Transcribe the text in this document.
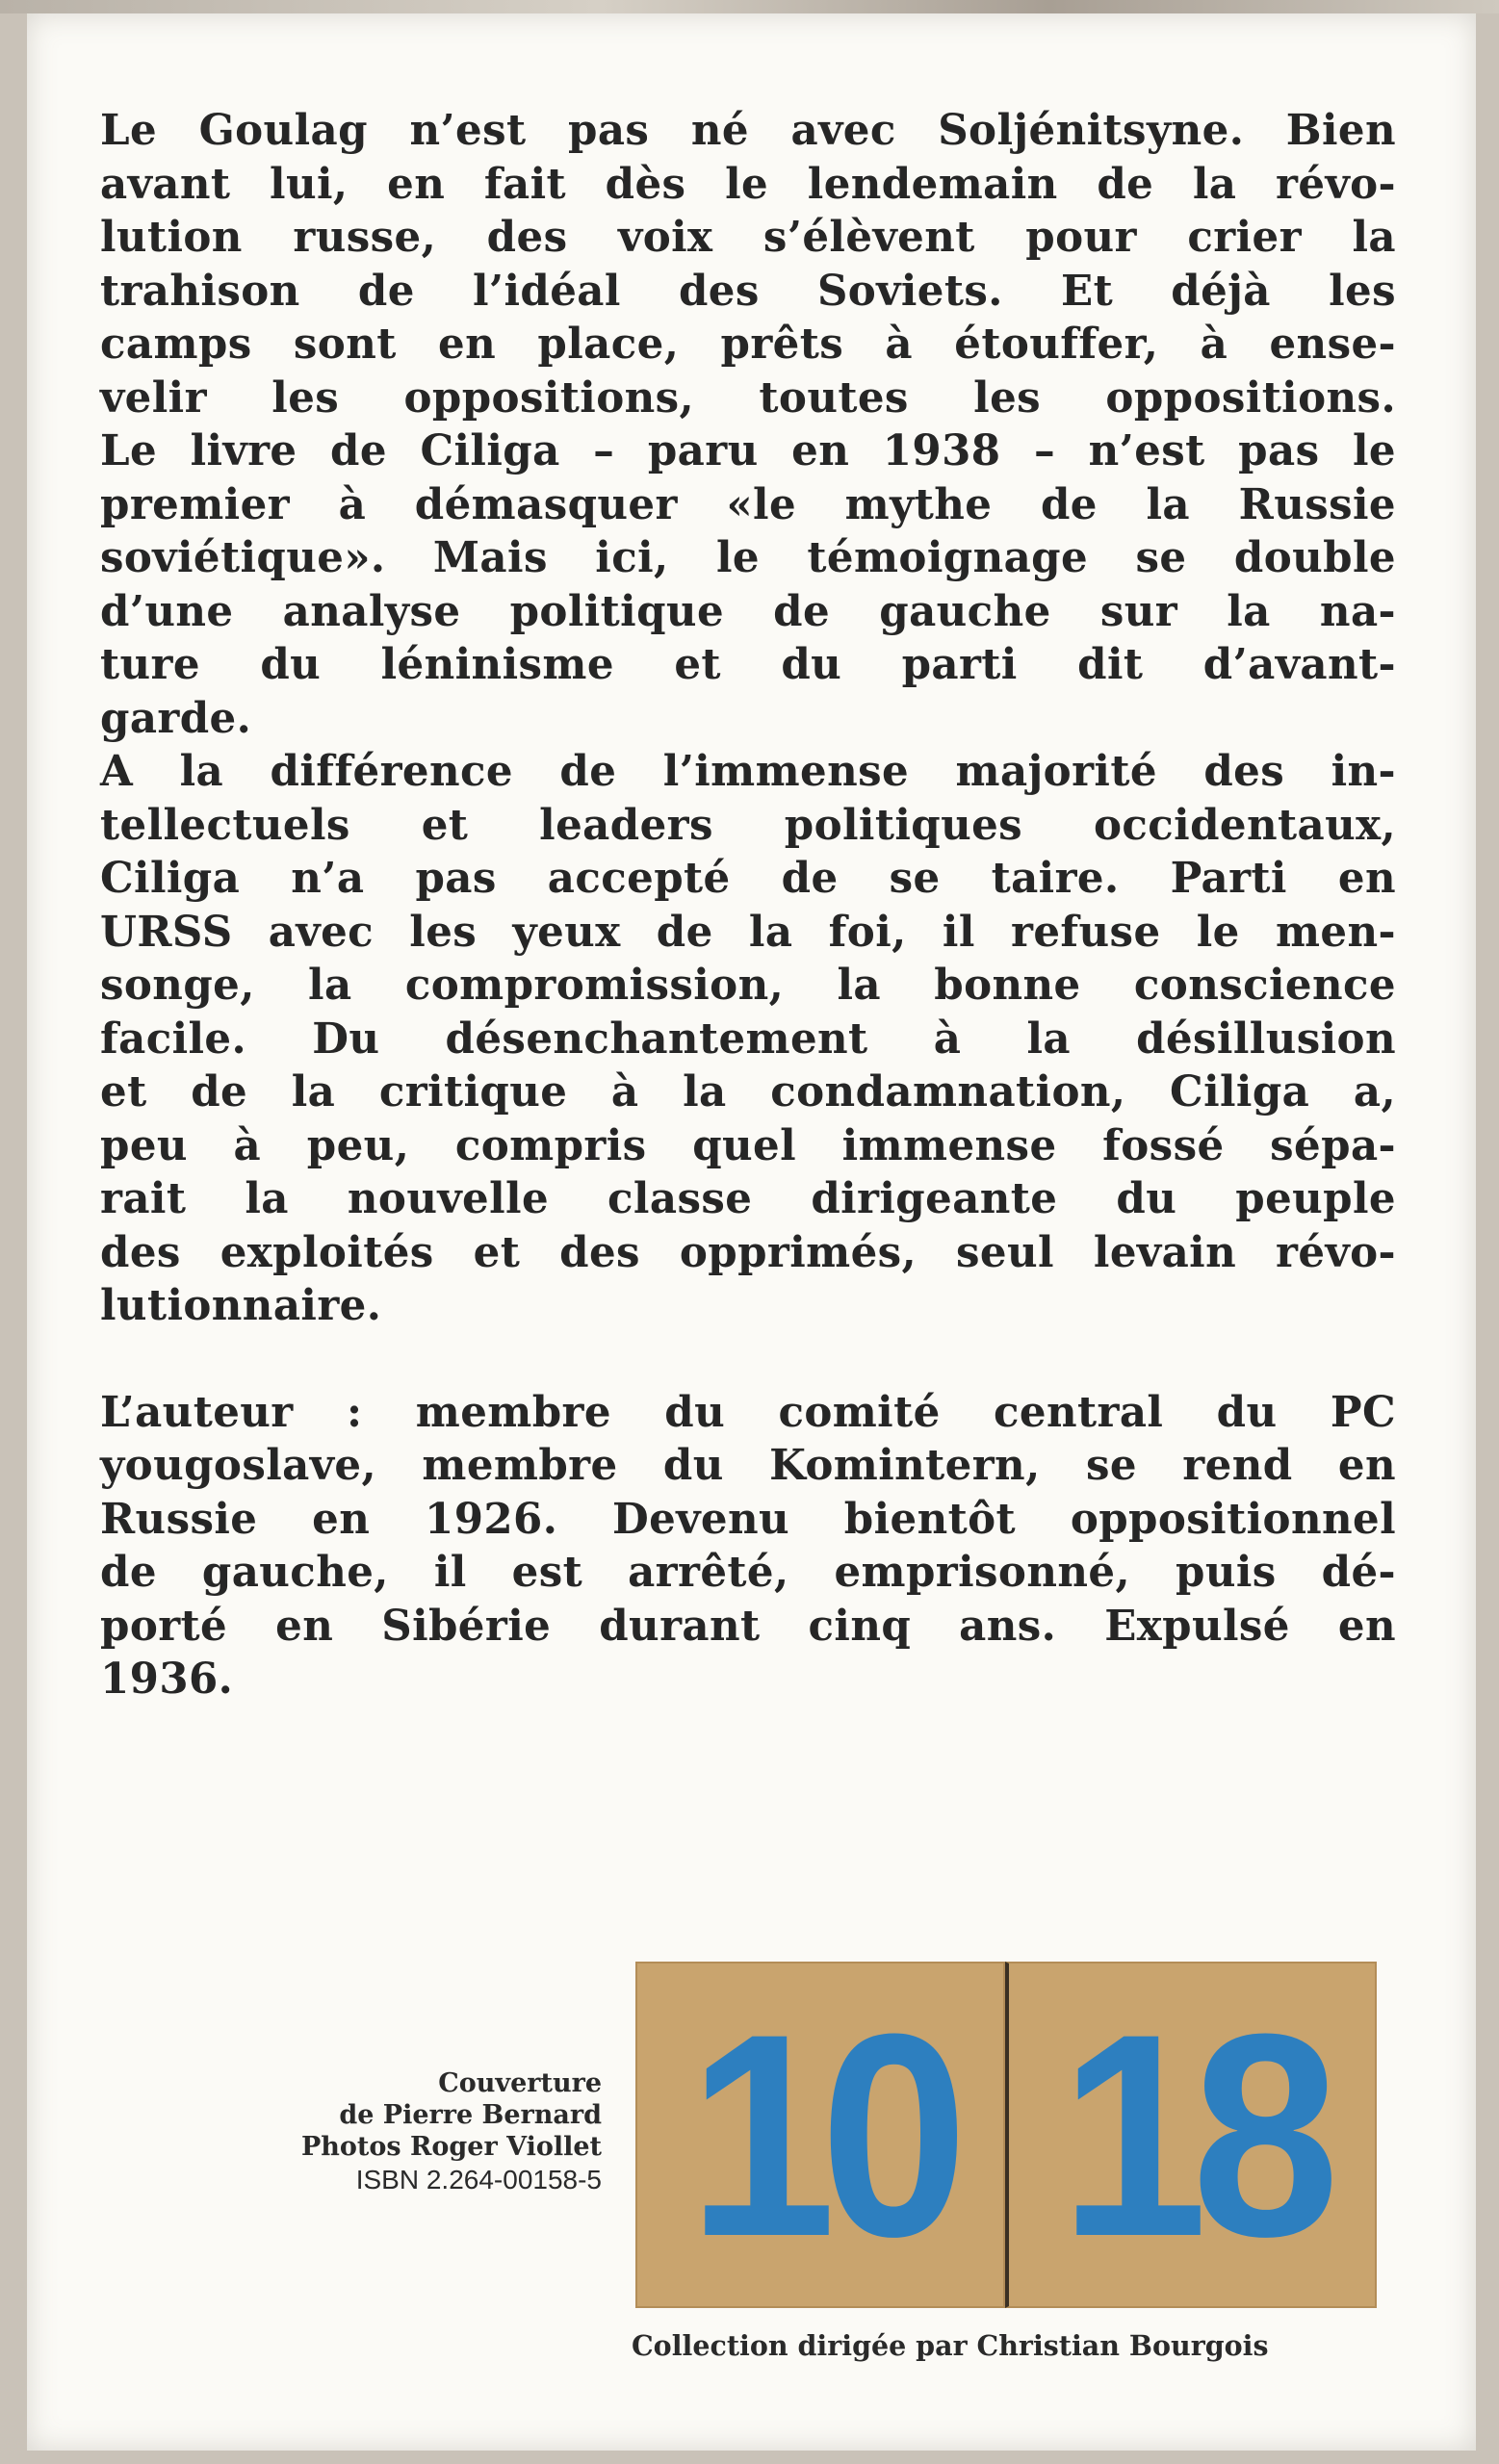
Le Goulag n’est pas né avec Soljénitsyne. Bien
avant lui, en fait dès le lendemain de la révo-
lution russe, des voix s’élèvent pour crier la
trahison de l’idéal des Soviets. Et déjà les
camps sont en place, prêts à étouffer, à ense-
velir les oppositions, toutes les oppositions.
Le livre de Ciliga – paru en 1938 – n’est pas le
premier à démasquer «le mythe de la Russie
soviétique». Mais ici, le témoignage se double
d’une analyse politique de gauche sur la na-
ture du léninisme et du parti dit d’avant-
garde.
A la différence de l’immense majorité des in-
tellectuels et leaders politiques occidentaux,
Ciliga n’a pas accepté de se taire. Parti en
URSS avec les yeux de la foi, il refuse le men-
songe, la compromission, la bonne conscience
facile. Du désenchantement à la désillusion
et de la critique à la condamnation, Ciliga a,
peu à peu, compris quel immense fossé sépa-
rait la nouvelle classe dirigeante du peuple
des exploités et des opprimés, seul levain révo-
lutionnaire.
L’auteur : membre du comité central du PC
yougoslave, membre du Komintern, se rend en
Russie en 1926. Devenu bientôt oppositionnel
de gauche, il est arrêté, emprisonné, puis dé-
porté en Sibérie durant cinq ans. Expulsé en
1936.
Couverture
de Pierre Bernard
Photos Roger Viollet
ISBN 2.264-00158-5 10 18
Collection dirigée par Christian Bourgois
